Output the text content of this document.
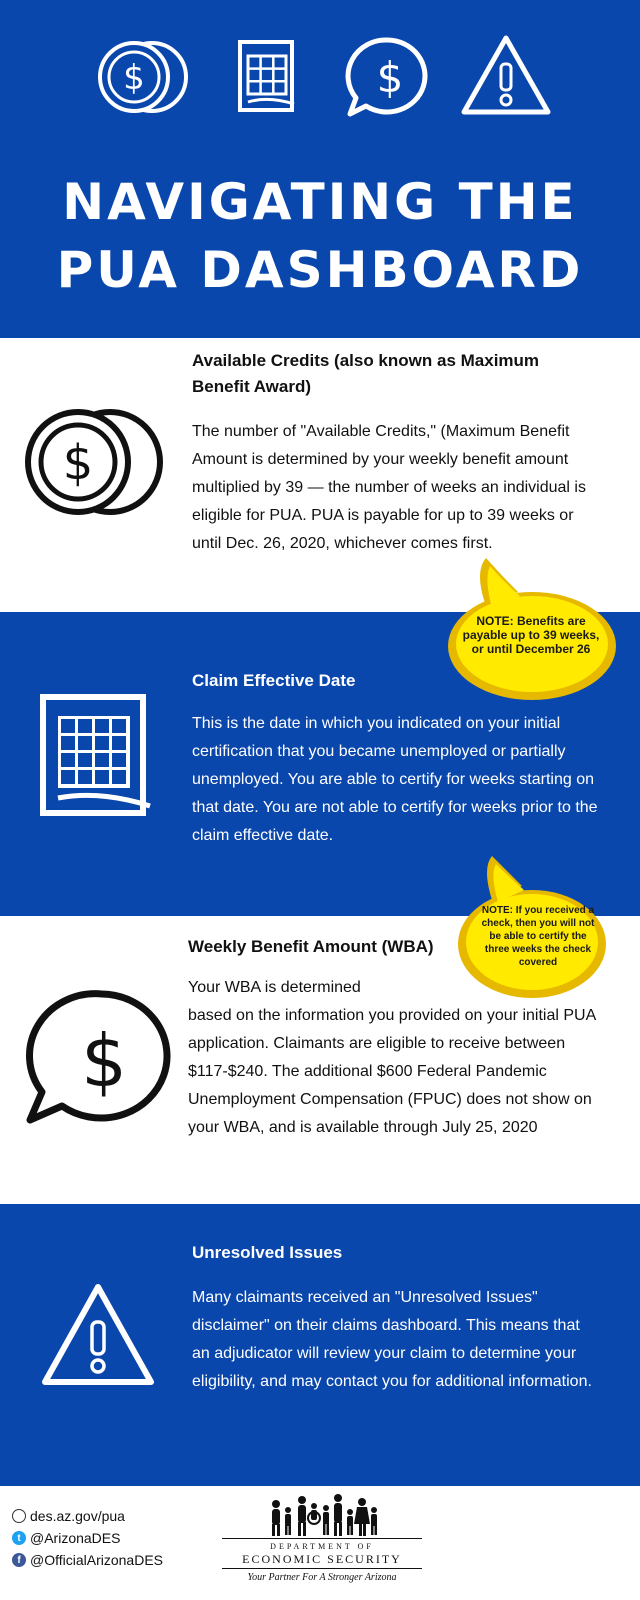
$	$
NAVIGATING THE
PUA DASHBOARD
$

Available Credits (also known as Maximum Benefit Award)

The number of "Available Credits," (Maximum Benefit Amount is determined by your weekly benefit amount multiplied by 39 — the number of weeks an individual is eligible for PUA. PUA is payable for up to 39 weeks or until Dec. 26, 2020, whichever comes first.

Claim Effective Date

This is the date in which you indicated on your initial certification that you became unemployed or partially unemployed. You are able to certify for weeks starting on that date. You are not able to certify for weeks prior to the claim effective date.

$

Weekly Benefit Amount (WBA)

Your WBA is determined

based on the information you provided on your initial PUA application. Claimants are eligible to receive between $117-$240. The additional $600 Federal Pandemic Unemployment Compensation (FPUC) does not show on your WBA, and is available through July 25, 2020

Unresolved Issues

Many claimants received an "Unresolved Issues" disclaimer" on their claims dashboard. This means that an adjudicator will review your claim to determine your eligibility, and may contact you for additional information.

NOTE: Benefits are payable up to 39 weeks, or until December 26
NOTE: If you received a check, then you will not be able to certify the three weeks the check covered
des.az.gov/pua
t @ArizonaDES
f @OfficialArizonaDES
DEPARTMENT OF
ECONOMIC SECURITY
Your Partner For A Stronger Arizona
